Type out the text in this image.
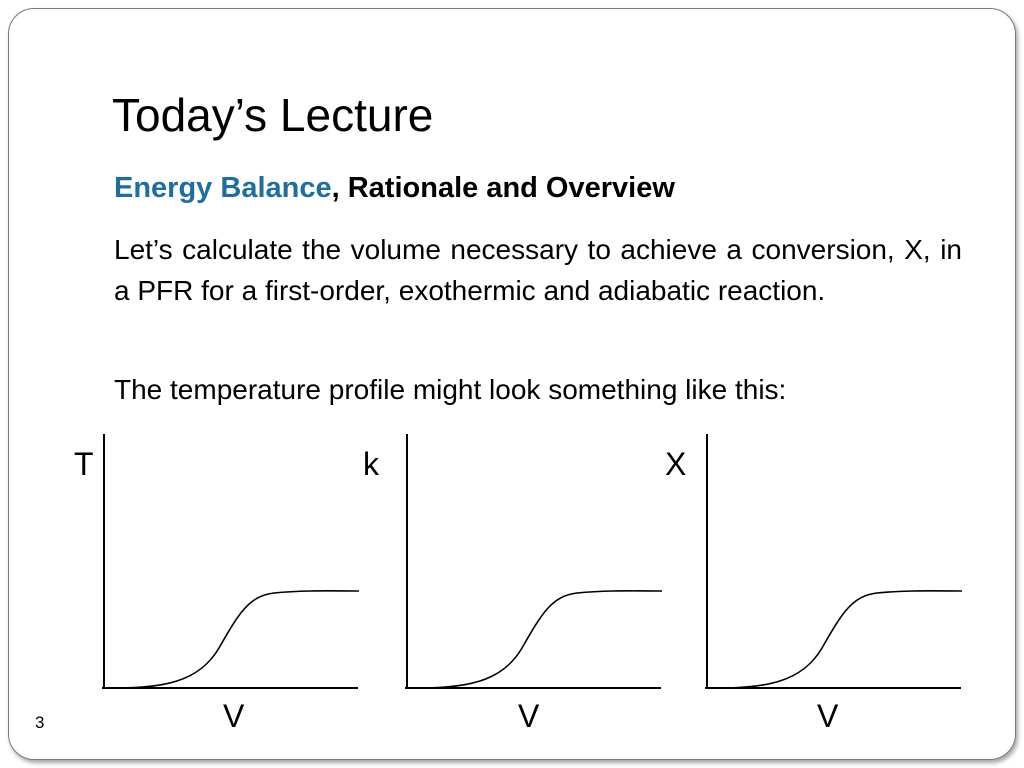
Today’s Lecture
Energy Balance, Rationale and Overview
Let’s calculate the volume necessary to achieve a conversion, X, in a PFR for a first-order, exothermic and adiabatic reaction.
The temperature profile might look something like this:
T
V
k
V
X
V
3
